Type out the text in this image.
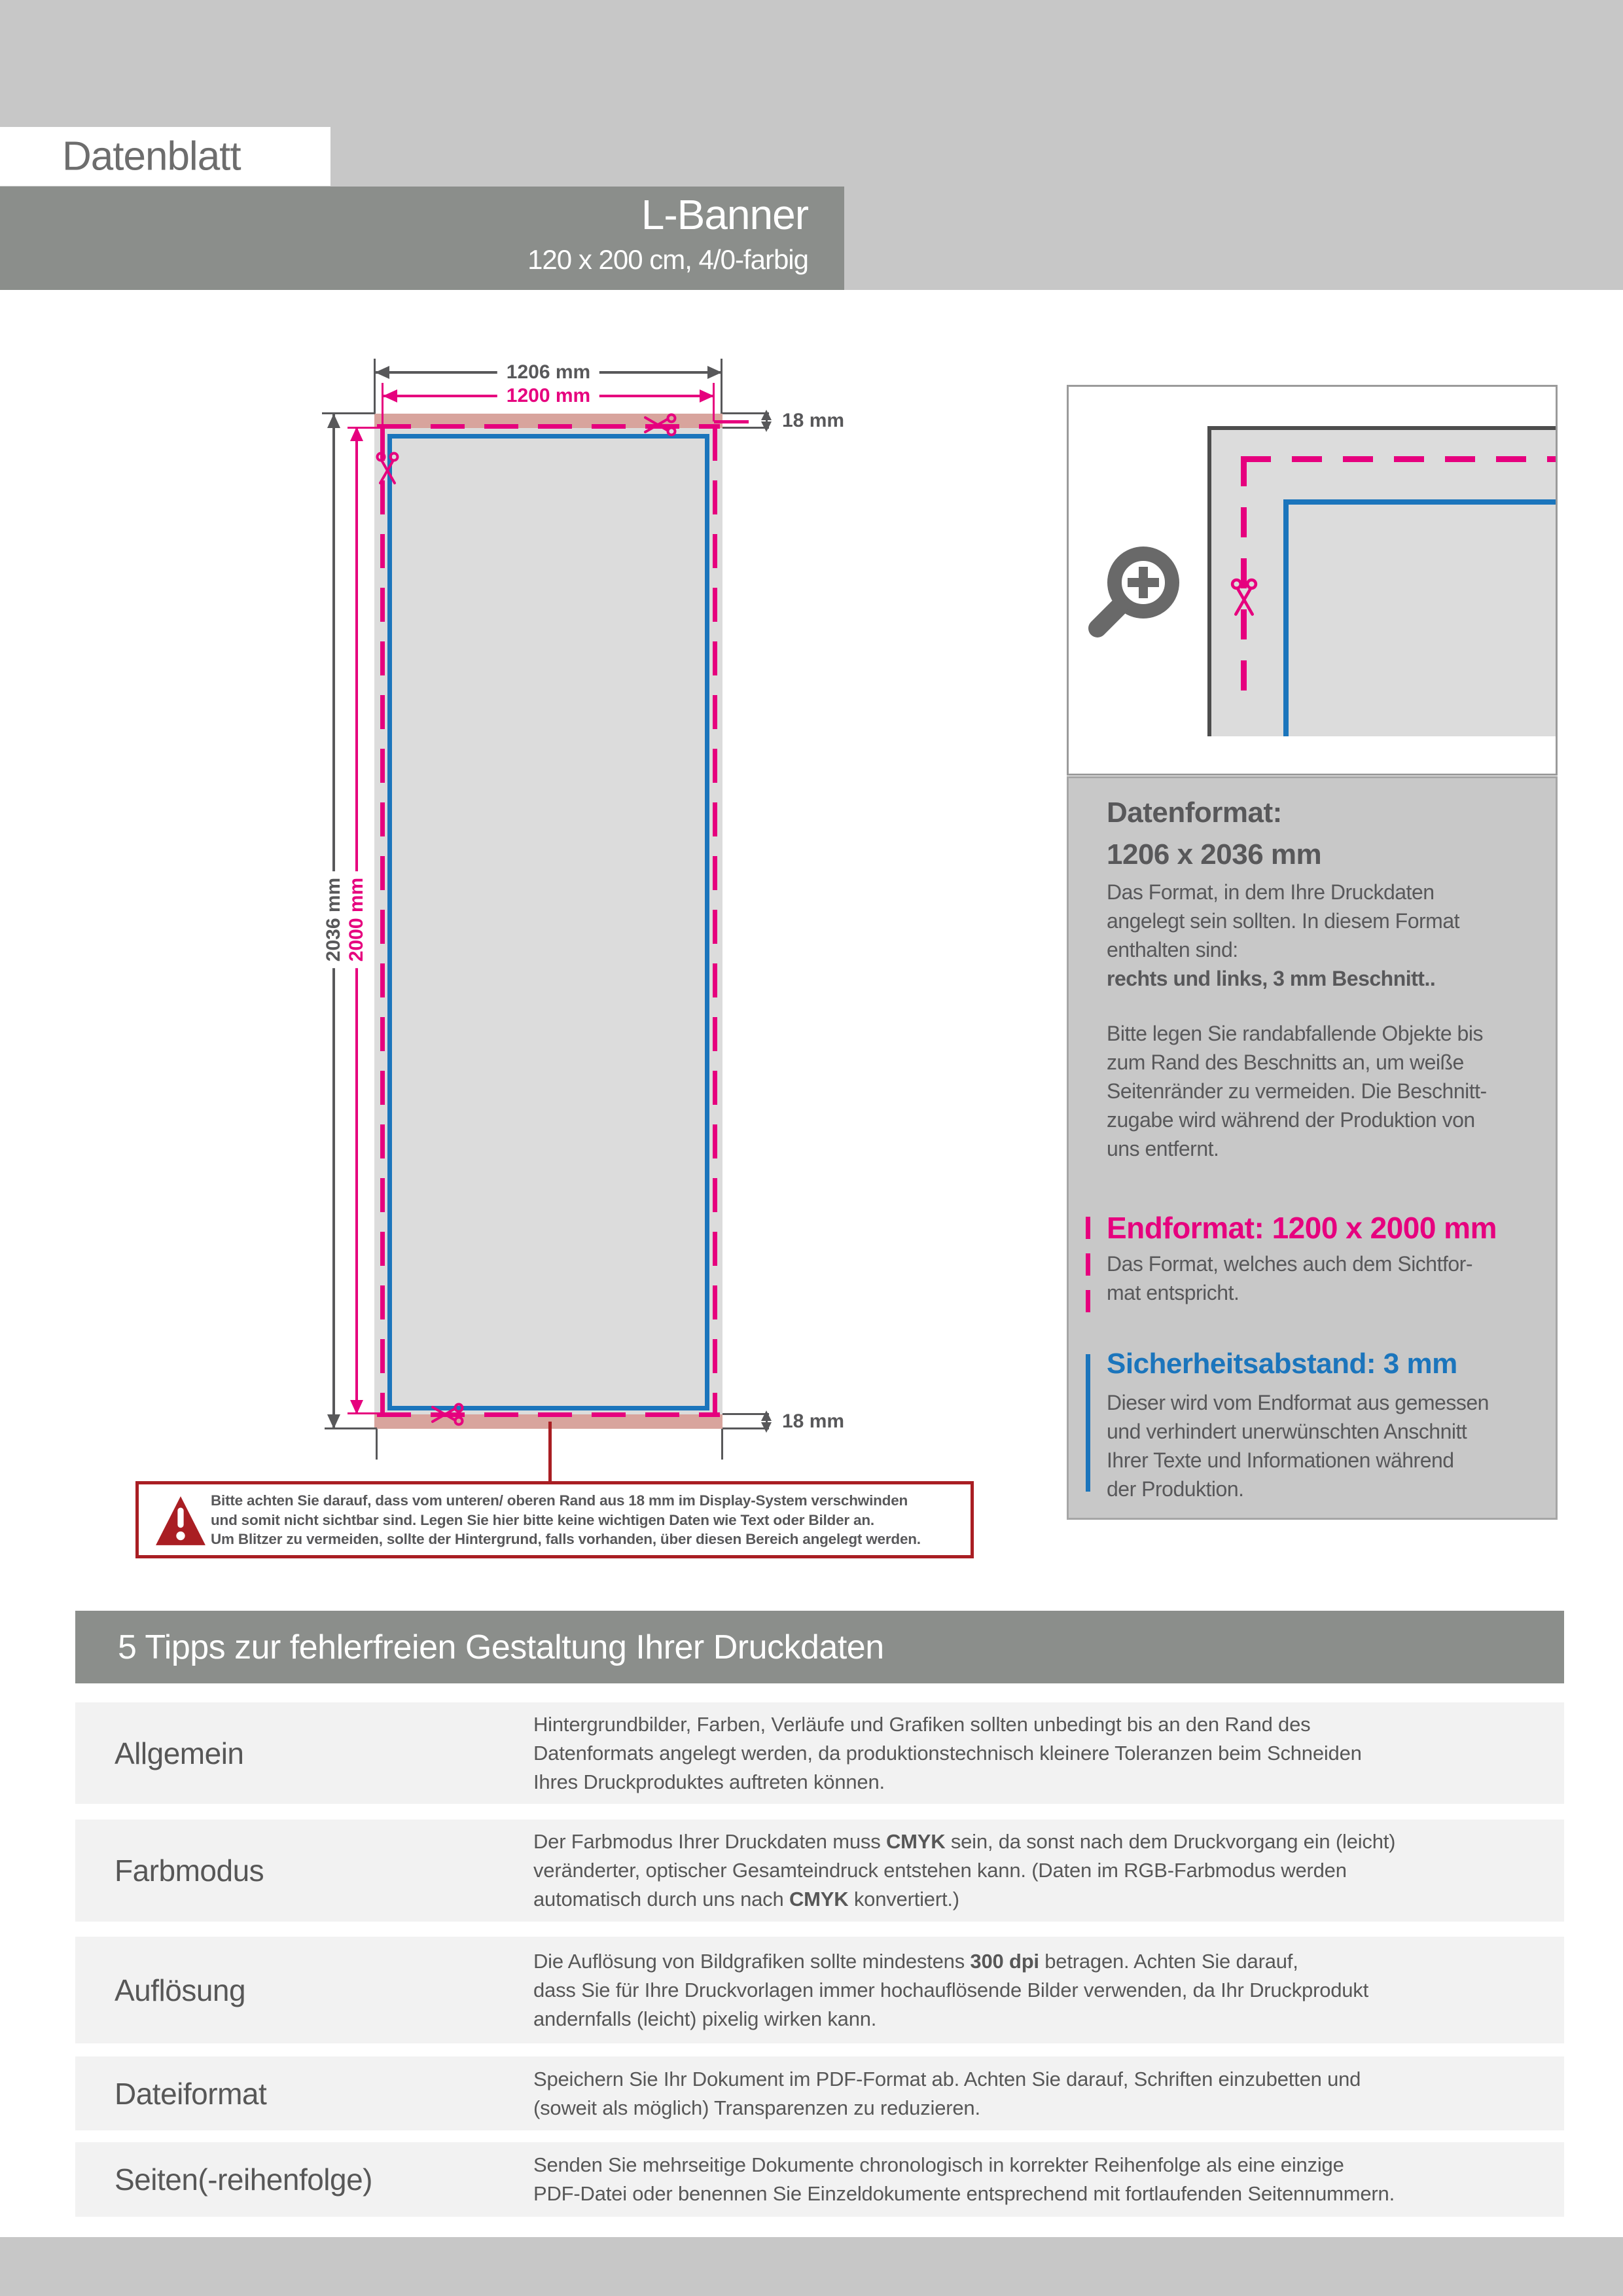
Datenblatt
L-Banner
120 x 200 cm, 4/0-farbig
1206 mm
1200 mm
18 mm
2036 mm 2000 mm
18 mm
Bitte achten Sie darauf, dass vom unteren/ oberen Rand aus 18 mm im Display-System verschwinden
und somit nicht sichtbar sind. Legen Sie hier bitte keine wichtigen Daten wie Text oder Bilder an.
Um Blitzer zu vermeiden, sollte der Hintergrund, falls vorhanden, über diesen Bereich angelegt werden.
Datenformat:
1206 x 2036 mm
Das Format, in dem Ihre Druckdaten
angelegt sein sollten. In diesem Format
enthalten sind:
rechts und links, 3 mm Beschnitt..
Bitte legen Sie randabfallende Objekte bis
zum Rand des Beschnitts an, um weiße
Seitenränder zu vermeiden. Die Beschnitt-
zugabe wird während der Produktion von
uns entfernt.
Endformat: 1200 x 2000 mm
Das Format, welches auch dem Sichtfor-
mat entspricht.
Sicherheitsabstand: 3 mm
Dieser wird vom Endformat aus gemessen
und verhindert unerwünschten Anschnitt
Ihrer Texte und Informationen während
der Produktion.
5 Tipps zur fehlerfreien Gestaltung Ihrer Druckdaten
Allgemein
Hintergrundbilder, Farben, Verläufe und Grafiken sollten unbedingt bis an den Rand des
Datenformats angelegt werden, da produktionstechnisch kleinere Toleranzen beim Schneiden
Ihres Druckproduktes auftreten können.
Farbmodus
Der Farbmodus Ihrer Druckdaten muss CMYK sein, da sonst nach dem Druckvorgang ein (leicht)
veränderter, optischer Gesamteindruck entstehen kann. (Daten im RGB-Farbmodus werden
automatisch durch uns nach CMYK konvertiert.)
Auflösung
Die Auflösung von Bildgrafiken sollte mindestens 300 dpi betragen. Achten Sie darauf,
dass Sie für Ihre Druckvorlagen immer hochauflösende Bilder verwenden, da Ihr Druckprodukt
andernfalls (leicht) pixelig wirken kann.
Dateiformat	Speichern Sie Ihr Dokument im PDF-Format ab. Achten Sie darauf, Schriften einzubetten und
(soweit als möglich) Transparenzen zu reduzieren.
Seiten(-reihenfolge)	Senden Sie mehrseitige Dokumente chronologisch in korrekter Reihenfolge als eine einzige
PDF-Datei oder benennen Sie Einzeldokumente entsprechend mit fortlaufenden Seitennummern.
